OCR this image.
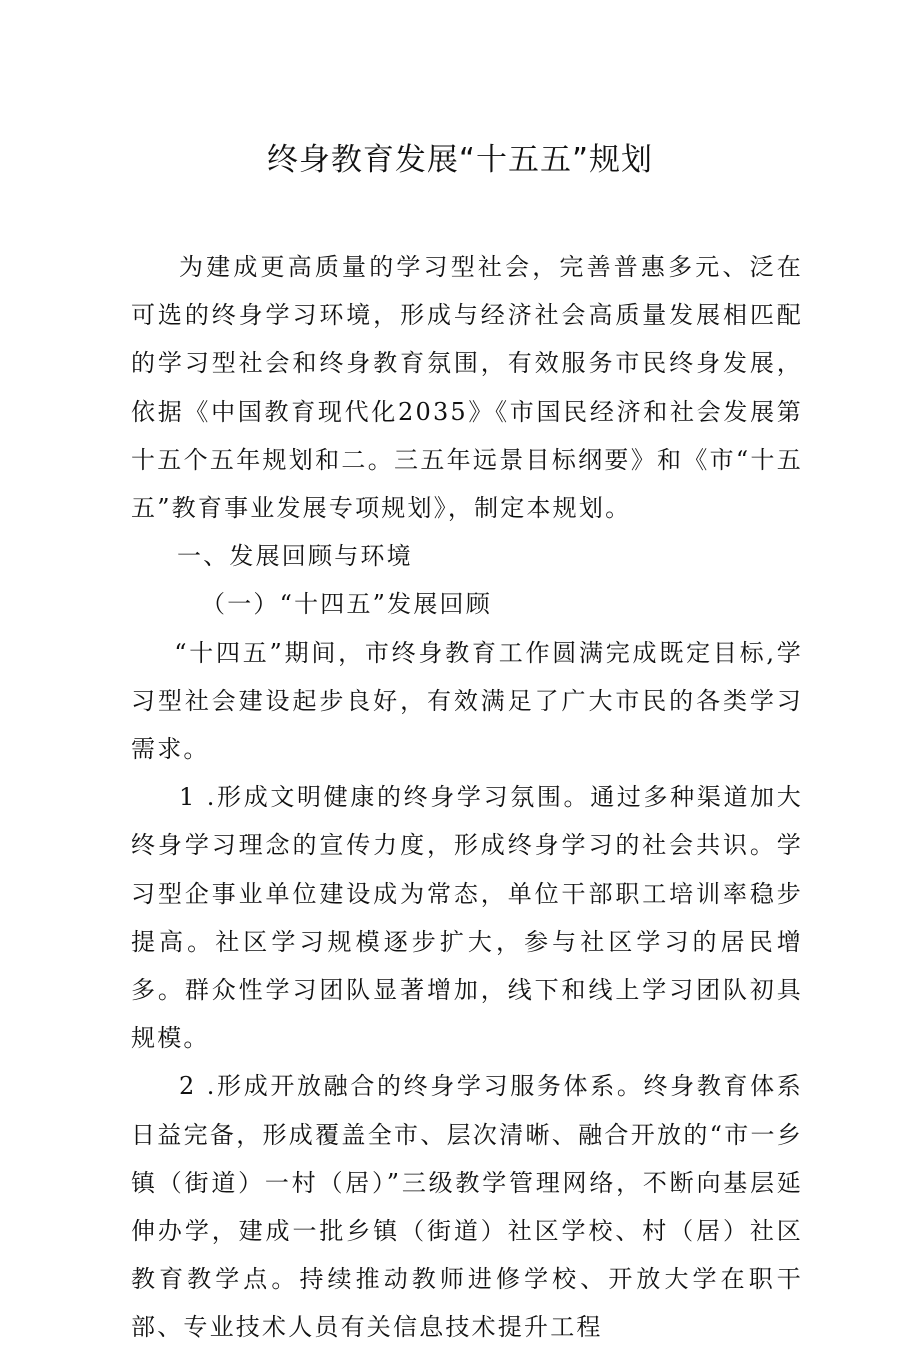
终身教育发展“十五五”规划

为建成更高质量的学习型社会，完善普惠多元、泛在可选的终身学习环境，形成与经济社会高质量发展相匹配的学习型社会和终身教育氛围，有效服务市民终身发展，依据《中国教育现代化2035》《市国民经济和社会发展第十五个五年规划和二。三五年远景目标纲要》和《市“十五五”教育事业发展专项规划》，制定本规划。

一、发展回顾与环境

（一）“十四五”发展回顾

“十四五”期间，市终身教育工作圆满完成既定目标,学习型社会建设起步良好，有效满足了广大市民的各类学习需求。

1 .形成文明健康的终身学习氛围。通过多种渠道加大终身学习理念的宣传力度，形成终身学习的社会共识。学习型企事业单位建设成为常态，单位干部职工培训率稳步提高。社区学习规模逐步扩大，参与社区学习的居民增多。群众性学习团队显著增加，线下和线上学习团队初具规模。

2 .形成开放融合的终身学习服务体系。终身教育体系日益完备，形成覆盖全市、层次清晰、融合开放的“市一乡镇（街道）一村（居）”三级教学管理网络，不断向基层延伸办学，建成一批乡镇（街道）社区学校、村（居）社区教育教学点。持续推动教师进修学校、开放大学在职干部、专业技术人员有关信息技术提升工程
